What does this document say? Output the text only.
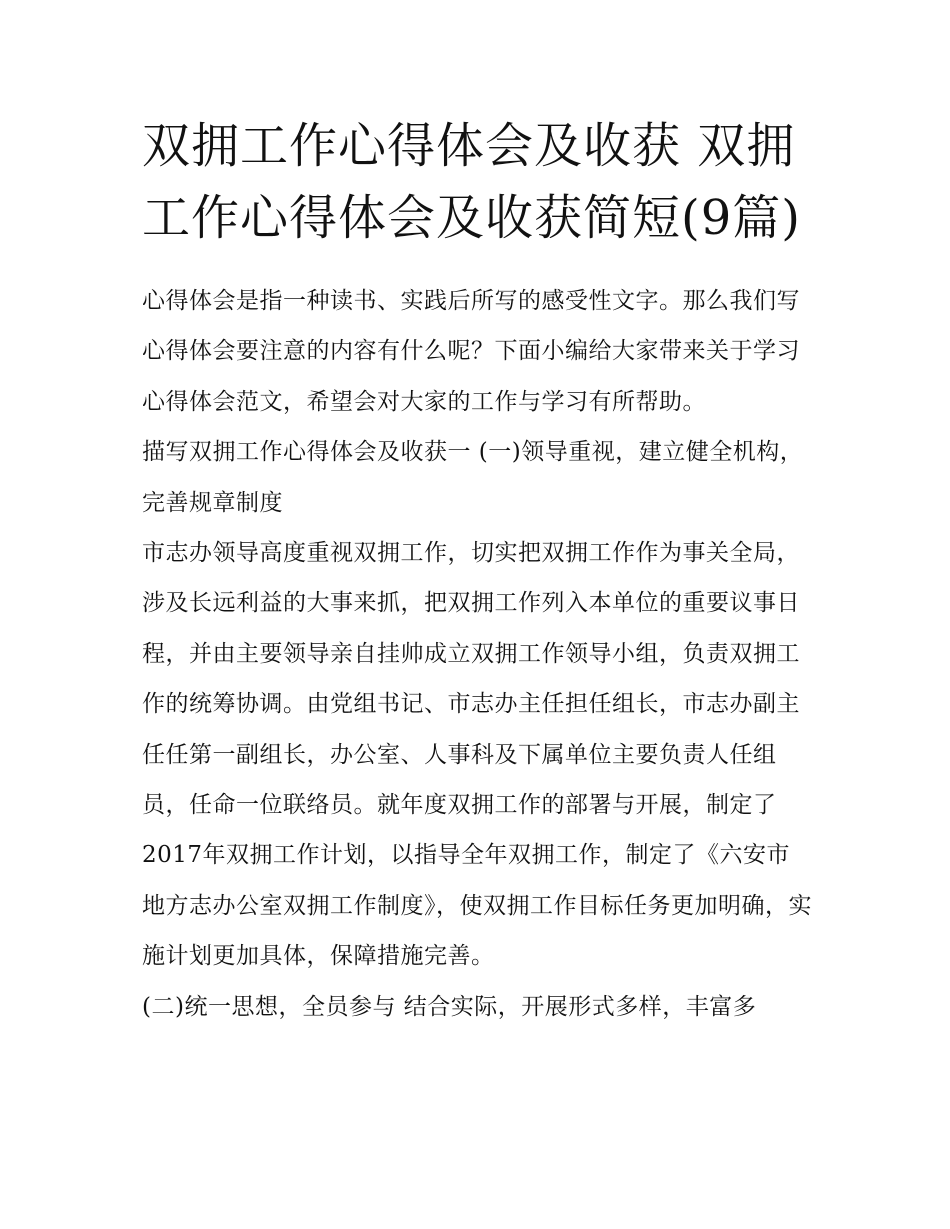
双拥工作心得体会及收获 双拥工作心得体会及收获简短(9篇)

心得体会是指一种读书、实践后所写的感受性文字。那么我们写心得体会要注意的内容有什么呢？下面小编给大家带来关于学习心得体会范文，希望会对大家的工作与学习有所帮助。

描写双拥工作心得体会及收获一 (一)领导重视，建立健全机构，完善规章制度

市志办领导高度重视双拥工作，切实把双拥工作作为事关全局，涉及长远利益的大事来抓，把双拥工作列入本单位的重要议事日程，并由主要领导亲自挂帅成立双拥工作领导小组，负责双拥工作的统筹协调。由党组书记、市志办主任担任组长，市志办副主任任第一副组长，办公室、人事科及下属单位主要负责人任组员，任命一位联络员。就年度双拥工作的部署与开展，制定了2017年双拥工作计划，以指导全年双拥工作，制定了《六安市地方志办公室双拥工作制度》，使双拥工作目标任务更加明确，实施计划更加具体，保障措施完善。

(二)统一思想，全员参与 结合实际，开展形式多样，丰富多
